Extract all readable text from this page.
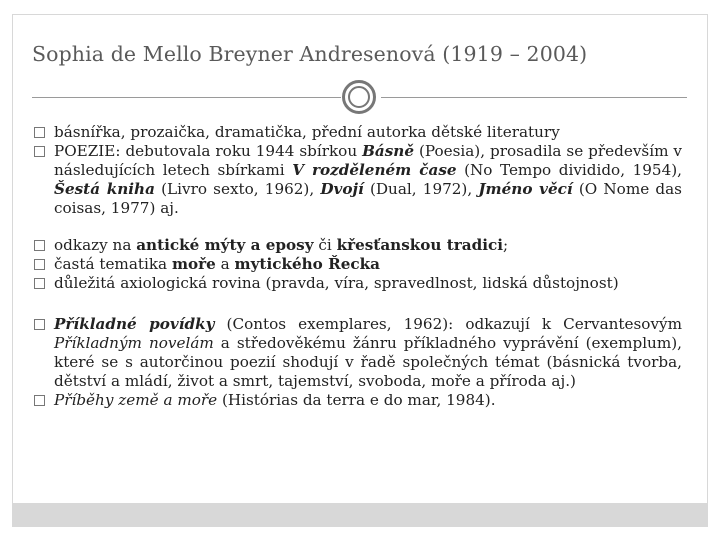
Sophia de Mello Breyner Andresenová (1919 – 2004)
básnířka, prozaička, dramatička, přední autorka dětské literatury
POEZIE: debutovala roku 1944 sbírkou Básně (Poesia), prosadila se především v následujících letech sbírkami V rozděleném čase (No Tempo dividido, 1954), Šestá kniha (Livro sexto, 1962), Dvojí (Dual, 1972), Jméno věcí (O Nome das coisas, 1977) aj.
odkazy na antické mýty a eposy či křesťanskou tradici;
častá tematika moře a mytického Řecka
důležitá axiologická rovina (pravda, víra, spravedlnost, lidská důstojnost)
Příkladné povídky (Contos exemplares, 1962): odkazují k Cervantesovým Příkladným novelám a středověkému žánru příkladného vyprávění (exemplum), které se s autorčinou poezií shodují v řadě společných témat (básnická tvorba, dětství a mládí, život a smrt, tajemství, svoboda, moře a příroda aj.)
Příběhy země a moře (Histórias da terra e do mar, 1984).
